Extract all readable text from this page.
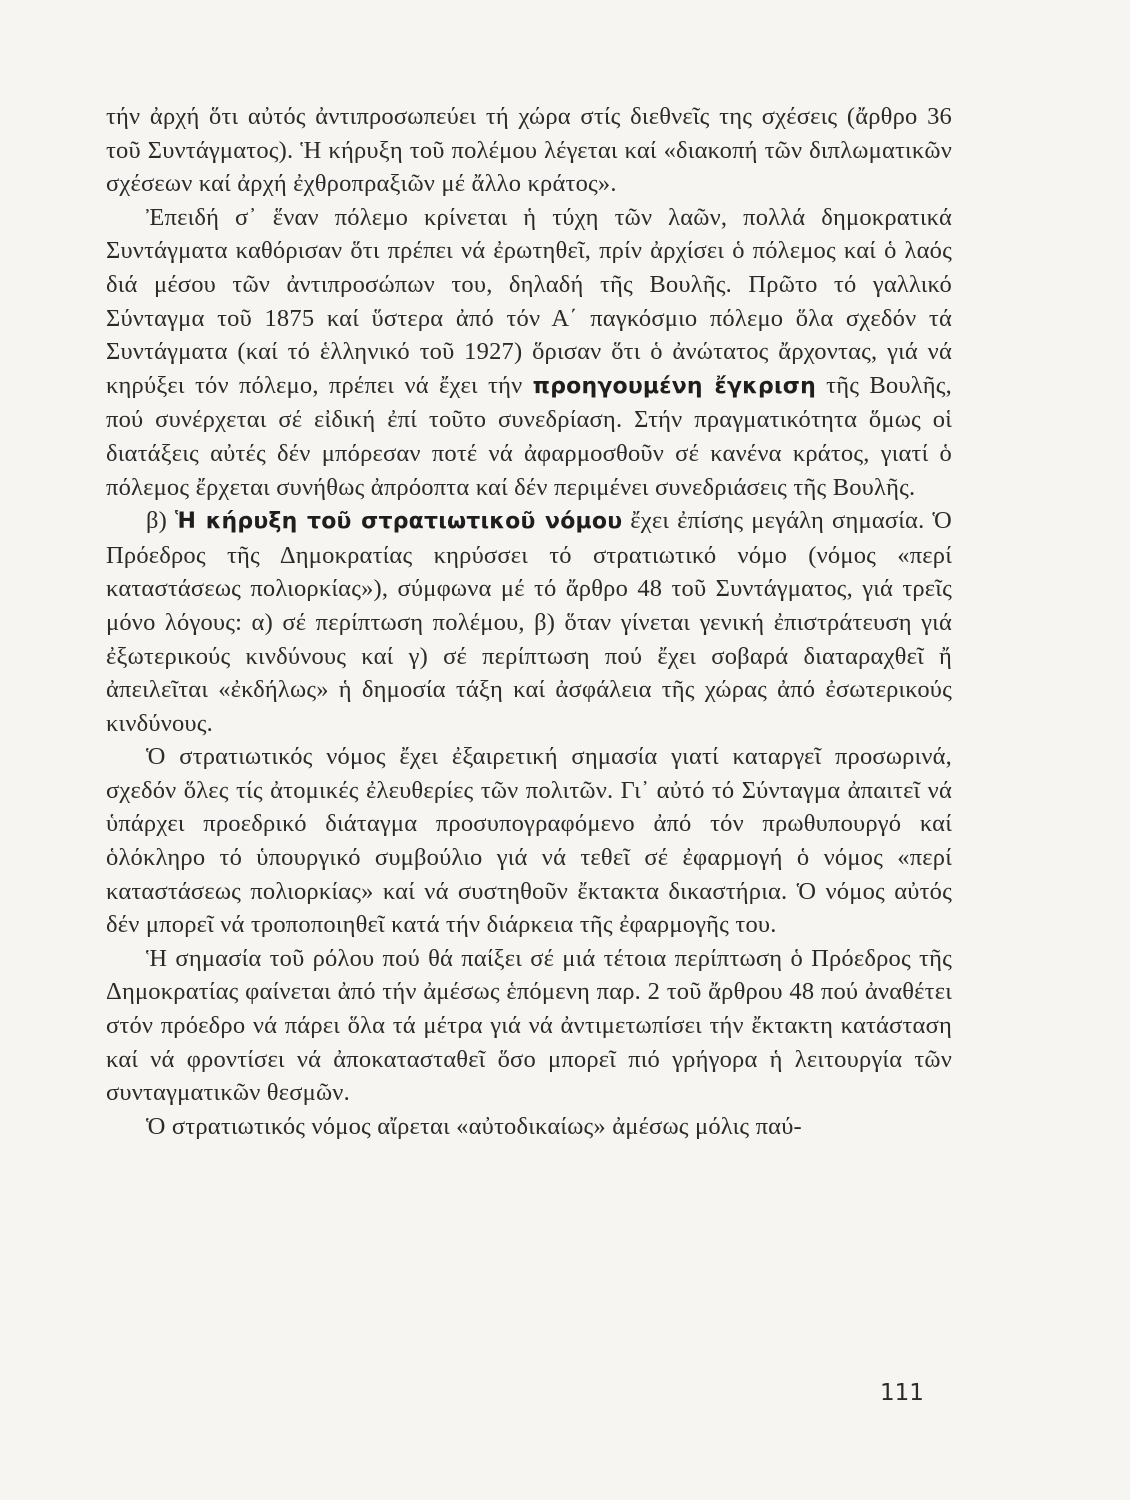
τήν ἀρχή ὅτι αὐτός ἀντιπροσωπεύει τή χώρα στίς διεθνεῖς της σχέσεις (ἄρθρο 36 τοῦ Συντάγματος). Ἡ κήρυξη τοῦ πολέμου λέγεται καί «διακοπή τῶν διπλωματικῶν σχέσεων καί ἀρχή ἐχθροπραξιῶν μέ ἄλλο κράτος».

Ἐπειδή σ᾽ ἕναν πόλεμο κρίνεται ἡ τύχη τῶν λαῶν, πολλά δημοκρατικά Συντάγματα καθόρισαν ὅτι πρέπει νά ἐρωτηθεῖ, πρίν ἀρχίσει ὁ πόλεμος καί ὁ λαός διά μέσου τῶν ἀντιπροσώπων του, δηλαδή τῆς Βουλῆς. Πρῶτο τό γαλλικό Σύνταγμα τοῦ 1875 καί ὕστερα ἀπό τόν Α΄ παγκόσμιο πόλεμο ὅλα σχεδόν τά Συντάγματα (καί τό ἑλληνικό τοῦ 1927) ὅρισαν ὅτι ὁ ἀνώτατος ἄρχοντας, γιά νά κηρύξει τόν πόλεμο, πρέπει νά ἔχει τήν προηγουμένη ἔγκριση τῆς Βουλῆς, πού συνέρχεται σέ εἰδική ἐπί τοῦτο συνεδρίαση. Στήν πραγματικότητα ὅμως οἱ διατάξεις αὐτές δέν μπόρεσαν ποτέ νά ἀφαρμοσθοῦν σέ κανένα κράτος, γιατί ὁ πόλεμος ἔρχεται συνήθως ἀπρόοπτα καί δέν περιμένει συνεδριάσεις τῆς Βουλῆς.

β) Ἡ κήρυξη τοῦ στρατιωτικοῦ νόμου ἔχει ἐπίσης μεγάλη σημασία. Ὁ Πρόεδρος τῆς Δημοκρατίας κηρύσσει τό στρατιωτικό νόμο (νόμος «περί καταστάσεως πολιορκίας»), σύμφωνα μέ τό ἄρθρο 48 τοῦ Συντάγματος, γιά τρεῖς μόνο λόγους: α) σέ περίπτωση πολέμου, β) ὅταν γίνεται γενική ἐπιστράτευση γιά ἐξωτερικούς κινδύνους καί γ) σέ περίπτωση πού ἔχει σοβαρά διαταραχθεῖ ἤ ἀπειλεῖται «ἐκδήλως» ἡ δημοσία τάξη καί ἀσφάλεια τῆς χώρας ἀπό ἐσωτερικούς κινδύνους.

Ὁ στρατιωτικός νόμος ἔχει ἐξαιρετική σημασία γιατί καταργεῖ προσωρινά, σχεδόν ὅλες τίς ἀτομικές ἐλευθερίες τῶν πολιτῶν. Γι᾽ αὐτό τό Σύνταγμα ἀπαιτεῖ νά ὑπάρχει προεδρικό διάταγμα προσυπογραφόμενο ἀπό τόν πρωθυπουργό καί ὁλόκληρο τό ὑπουργικό συμβούλιο γιά νά τεθεῖ σέ ἐφαρμογή ὁ νόμος «περί καταστάσεως πολιορκίας» καί νά συστηθοῦν ἔκτακτα δικαστήρια. Ὁ νόμος αὐτός δέν μπορεῖ νά τροποποιηθεῖ κατά τήν διάρκεια τῆς ἐφαρμογῆς του.

Ἡ σημασία τοῦ ρόλου πού θά παίξει σέ μιά τέτοια περίπτωση ὁ Πρόεδρος τῆς Δημοκρατίας φαίνεται ἀπό τήν ἀμέσως ἑπόμενη παρ. 2 τοῦ ἄρθρου 48 πού ἀναθέτει στόν πρόεδρο νά πάρει ὅλα τά μέτρα γιά νά ἀντιμετωπίσει τήν ἔκτακτη κατάσταση καί νά φροντίσει νά ἀποκατασταθεῖ ὅσο μπορεῖ πιό γρήγορα ἡ λειτουργία τῶν συνταγματικῶν θεσμῶν.

Ὁ στρατιωτικός νόμος αἴρεται «αὐτοδικαίως» ἀμέσως μόλις παύ-

111
